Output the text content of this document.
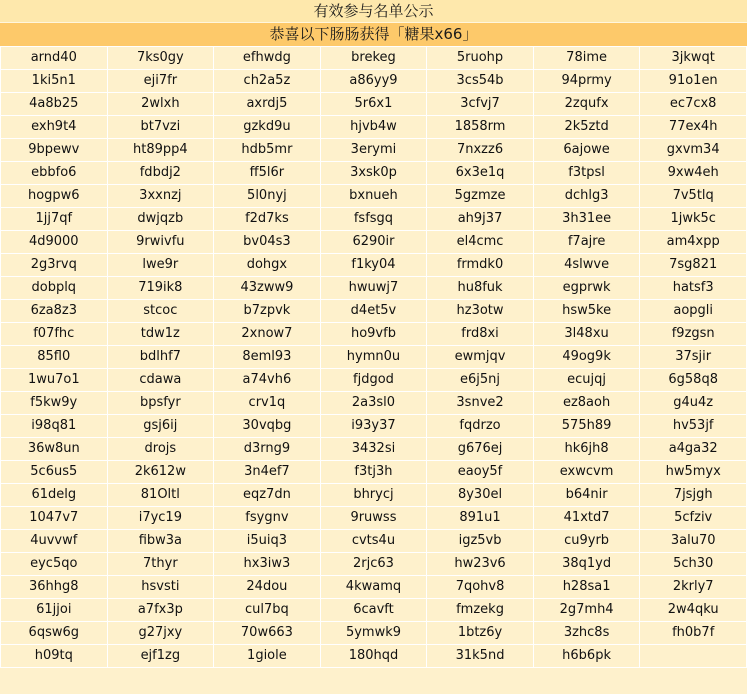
有效参与名单公示
恭喜以下肠肠获得「糖果x66」
arnd40	7ks0gy	efhwdg	brekeg	5ruohp	78ime	3jkwqt
1ki5n1	eji7fr	ch2a5z	a86yy9	3cs54b	94prmy	91o1en
4a8b25	2wlxh	axrdj5	5r6x1	3cfvj7	2zqufx	ec7cx8
exh9t4	bt7vzi	gzkd9u	hjvb4w	1858rm	2k5ztd	77ex4h
9bpewv	ht89pp4	hdb5mr	3erymi	7nxzz6	6ajowe	gxvm34
ebbfo6	fdbdj2	ff5l6r	3xsk0p	6x3e1q	f3tpsl	9xw4eh
hogpw6	3xxnzj	5l0nyj	bxnueh	5gzmze	dchlg3	7v5tlq
1jj7qf	dwjqzb	f2d7ks	fsfsgq	ah9j37	3h31ee	1jwk5c
4d9000	9rwivfu	bv04s3	6290ir	el4cmc	f7ajre	am4xpp
2g3rvq	lwe9r	dohgx	f1ky04	frmdk0	4slwve	7sg821
dobplq	719ik8	43zww9	hwuwj7	hu8fuk	egprwk	hatsf3
6za8z3	stcoc	b7zpvk	d4et5v	hz3otw	hsw5ke	aopgli
f07fhc	tdw1z	2xnow7	ho9vfb	frd8xi	3l48xu	f9zgsn
85fl0	bdlhf7	8eml93	hymn0u	ewmjqv	49og9k	37sjir
1wu7o1	cdawa	a74vh6	fjdgod	e6j5nj	ecujqj	6g58q8
f5kw9y	bpsfyr	crv1q	2a3sl0	3snve2	ez8aoh	g4u4z
i98q81	gsj6ij	30vqbg	i93y37	fqdrzo	575h89	hv53jf
36w8un	drojs	d3rng9	3432si	g676ej	hk6jh8	a4ga32
5c6us5	2k612w	3n4ef7	f3tj3h	eaoy5f	exwcvm	hw5myx
61delg	81Oltl	eqz7dn	bhrycj	8y30el	b64nir	7jsjgh
1047v7	i7yc19	fsygnv	9ruwss	891u1	41xtd7	5cfziv
4uvvwf	fibw3a	i5uiq3	cvts4u	igz5vb	cu9yrb	3alu70
eyc5qo	7thyr	hx3iw3	2rjc63	hw23v6	38q1yd	5ch30
36hhg8	hsvsti	24dou	4kwamq	7qohv8	h28sa1	2krly7
61jjoi	a7fx3p	cul7bq	6cavft	fmzekg	2g7mh4	2w4qku
6qsw6g	g27jxy	70w663	5ymwk9	1btz6y	3zhc8s	fh0b7f
h09tq	ejf1zg	1giole	180hqd	31k5nd	h6b6pk	
